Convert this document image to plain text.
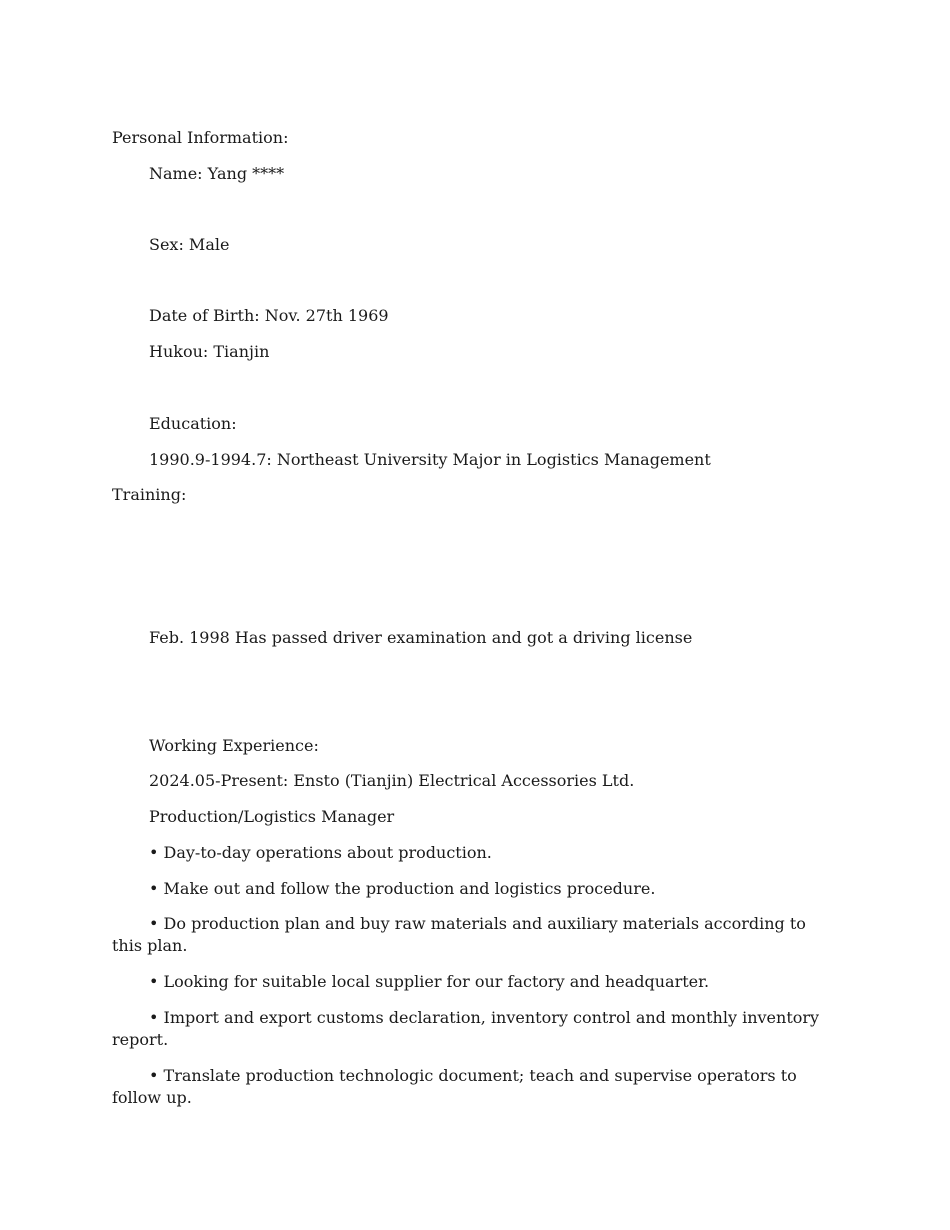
Personal Information:

Name: Yang ****

Sex: Male

Date of Birth: Nov. 27th 1969

Hukou: Tianjin

Education:

1990.9-1994.7: Northeast University Major in Logistics Management

Training:

Feb. 1998 Has passed driver examination and got a driving license

Working Experience:

2024.05-Present: Ensto (Tianjin) Electrical Accessories Ltd.

Production/Logistics Manager

• Day-to-day operations about production.

• Make out and follow the production and logistics procedure.

• Do production plan and buy raw materials and auxiliary materials according to this plan.

• Looking for suitable local supplier for our factory and headquarter.

• Import and export customs declaration, inventory control and monthly inventory report.

• Translate production technologic document; teach and supervise operators to follow up.
